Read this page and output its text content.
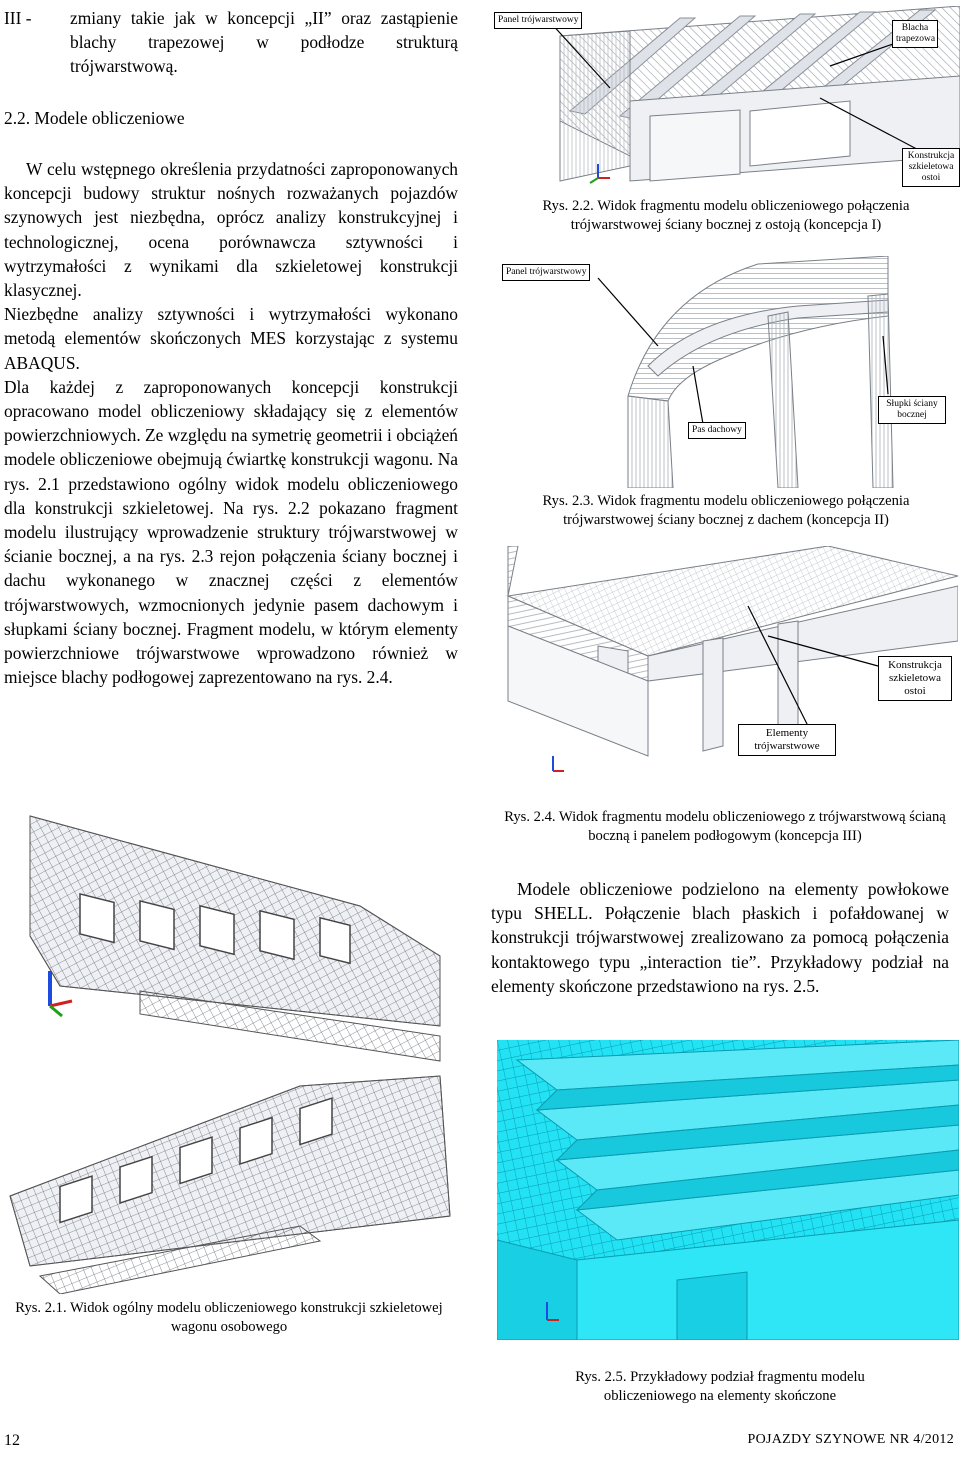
III - zmiany takie jak w koncepcji „II” oraz zastąpienie blachy trapezowej w podłodze strukturą trójwarstwową.

2.2. Modele obliczeniowe

W celu wstępnego określenia przydatności zaproponowanych koncepcji budowy struktur nośnych rozważanych pojazdów szynowych jest niezbędna, oprócz analizy konstrukcyjnej i technologicznej, ocena porównawcza sztywności i wytrzymałości z wynikami dla szkieletowej konstrukcji klasycznej.

Niezbędne analizy sztywności i wytrzymałości wykonano metodą elementów skończonych MES korzystając z systemu ABAQUS.

Dla każdej z zaproponowanych koncepcji konstrukcji opracowano model obliczeniowy składający się z elementów powierzchniowych. Ze względu na symetrię geometrii i obciążeń modele obliczeniowe obejmują ćwiartkę konstrukcji wagonu. Na rys. 2.1 przedstawiono ogólny widok modelu obliczeniowego dla konstrukcji szkieletowej. Na rys. 2.2 pokazano fragment modelu ilustrujący wprowadzenie struktury trójwarstwowej w ścianie bocznej, a na rys. 2.3 rejon połączenia ściany bocznej i dachu wykonanego w znacznej części z elementów trójwarstwowych, wzmocnionych jedynie pasem dachowym i słupkami ściany bocznej. Fragment modelu, w którym elementy powierzchniowe trójwarstwowe wprowadzono również w miejsce blachy podłogowej zaprezentowano na rys. 2.4.

Panel trójwarstwowy
Blacha trapezowa
Konstrukcja szkieletowa ostoi
Rys. 2.2. Widok fragmentu modelu obliczeniowego połączenia trójwarstwowej ściany bocznej z ostoją (koncepcja I)
Panel trójwarstwowy
Pas dachowy
Słupki ściany bocznej
Rys. 2.3. Widok fragmentu modelu obliczeniowego połączenia trójwarstwowej ściany bocznej z dachem (koncepcja II)
Konstrukcja szkieletowa ostoi
Elementy trójwarstwowe
Rys. 2.4. Widok fragmentu modelu obliczeniowego z trójwarstwową ścianą boczną i panelem podłogowym (koncepcja III)
Modele obliczeniowe podzielono na elementy powłokowe typu SHELL. Połączenie blach płaskich i pofałdowanej w konstrukcji trójwarstwowej zrealizowano za pomocą połączenia kontaktowego typu „interaction tie”. Przykładowy podział na elementy skończone przedstawiono na rys. 2.5.
Rys. 2.1. Widok ogólny modelu obliczeniowego konstrukcji szkieletowej wagonu osobowego
Rys. 2.5. Przykładowy podział fragmentu modelu obliczeniowego na elementy skończone
12	POJAZDY SZYNOWE NR 4/2012
